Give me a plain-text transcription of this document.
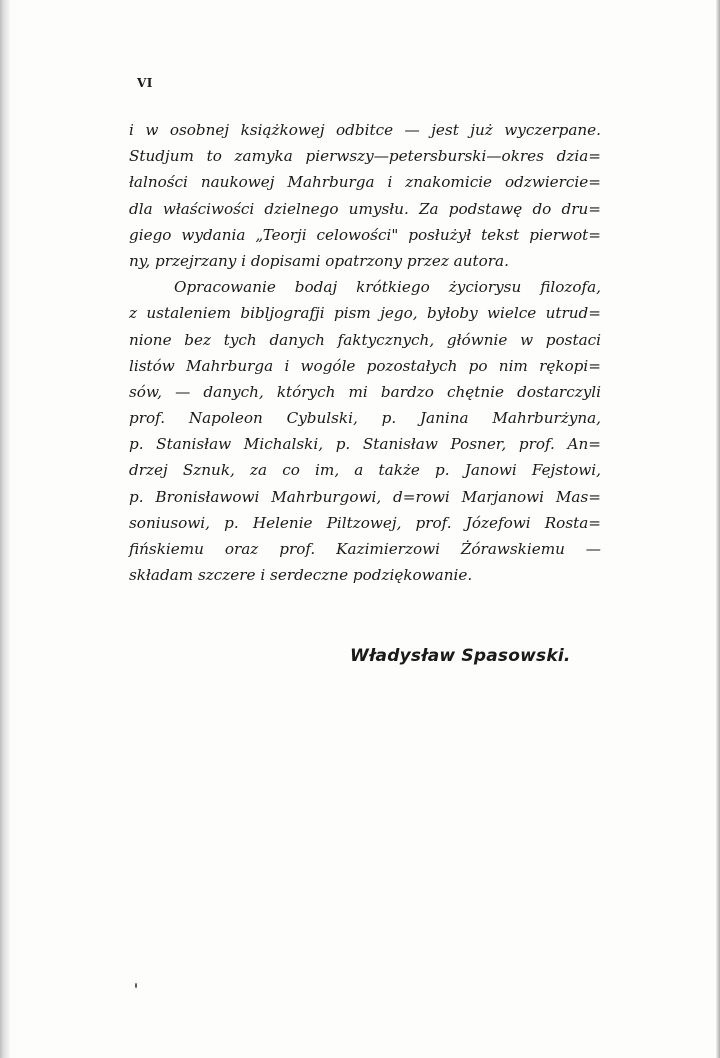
VI
i w osobnej książkowej odbitce — jest już wyczerpane.
Studjum to zamyka pierwszy—petersburski—okres dzia=
łalności naukowej Mahrburga i znakomicie odzwiercie=
dla właściwości dzielnego umysłu. Za podstawę do dru=
giego wydania „Teorji celowości" posłużył tekst pierwot=
ny, przejrzany i dopisami opatrzony przez autora.
Opracowanie bodaj krótkiego życiorysu filozofa,
z ustaleniem bibljografji pism jego, byłoby wielce utrud=
nione bez tych danych faktycznych, głównie w postaci
listów Mahrburga i wogóle pozostałych po nim rękopi=
sów, — danych, których mi bardzo chętnie dostarczyli
prof. Napoleon Cybulski, p. Janina Mahrburżyna,
p. Stanisław Michalski, p. Stanisław Posner, prof. An=
drzej Sznuk, za co im, a także p. Janowi Fejstowi,
p. Bronisławowi Mahrburgowi, d=rowi Marjanowi Mas=
soniusowi, p. Helenie Piltzowej, prof. Józefowi Rosta=
fińskiemu oraz prof. Kazimierzowi Żórawskiemu —
składam szczere i serdeczne podziękowanie.
Władysław Spasowski.
